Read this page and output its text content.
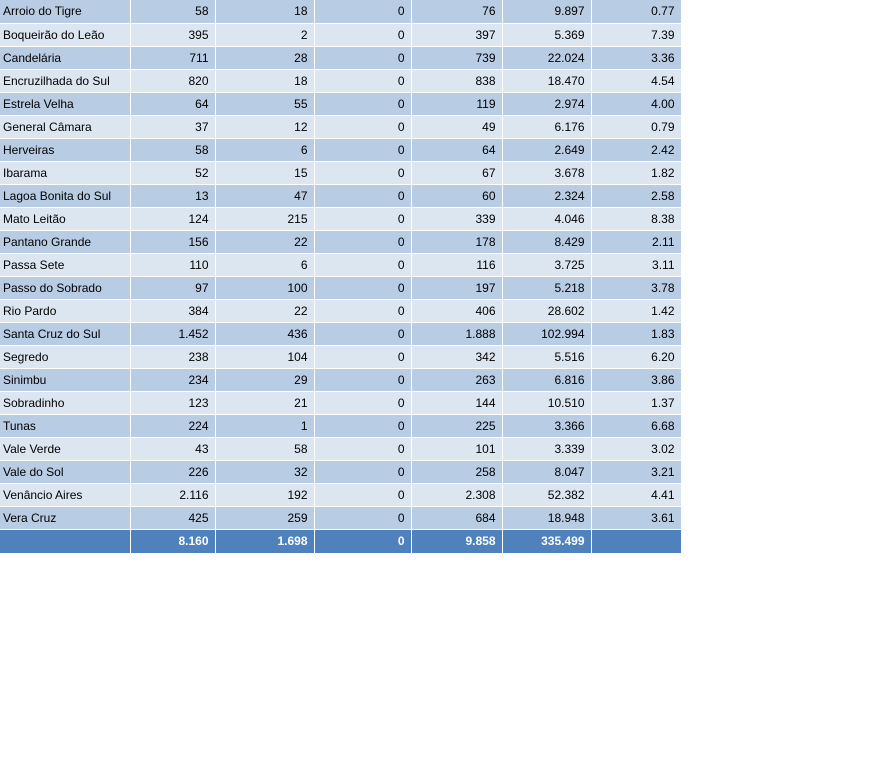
Arroio do Tigre	58	18	0	76	9.897	0.77
Boqueirão do Leão	395	2	0	397	5.369	7.39
Candelária	711	28	0	739	22.024	3.36
Encruzilhada do Sul	820	18	0	838	18.470	4.54
Estrela Velha	64	55	0	119	2.974	4.00
General Câmara	37	12	0	49	6.176	0.79
Herveiras	58	6	0	64	2.649	2.42
Ibarama	52	15	0	67	3.678	1.82
Lagoa Bonita do Sul	13	47	0	60	2.324	2.58
Mato Leitão	124	215	0	339	4.046	8.38
Pantano Grande	156	22	0	178	8.429	2.11
Passa Sete	110	6	0	116	3.725	3.11
Passo do Sobrado	97	100	0	197	5.218	3.78
Rio Pardo	384	22	0	406	28.602	1.42
Santa Cruz do Sul	1.452	436	0	1.888	102.994	1.83
Segredo	238	104	0	342	5.516	6.20
Sinimbu	234	29	0	263	6.816	3.86
Sobradinho	123	21	0	144	10.510	1.37
Tunas	224	1	0	225	3.366	6.68
Vale Verde	43	58	0	101	3.339	3.02
Vale do Sol	226	32	0	258	8.047	3.21
Venâncio Aires	2.116	192	0	2.308	52.382	4.41
Vera Cruz	425	259	0	684	18.948	3.61
	8.160	1.698	0	9.858	335.499	
